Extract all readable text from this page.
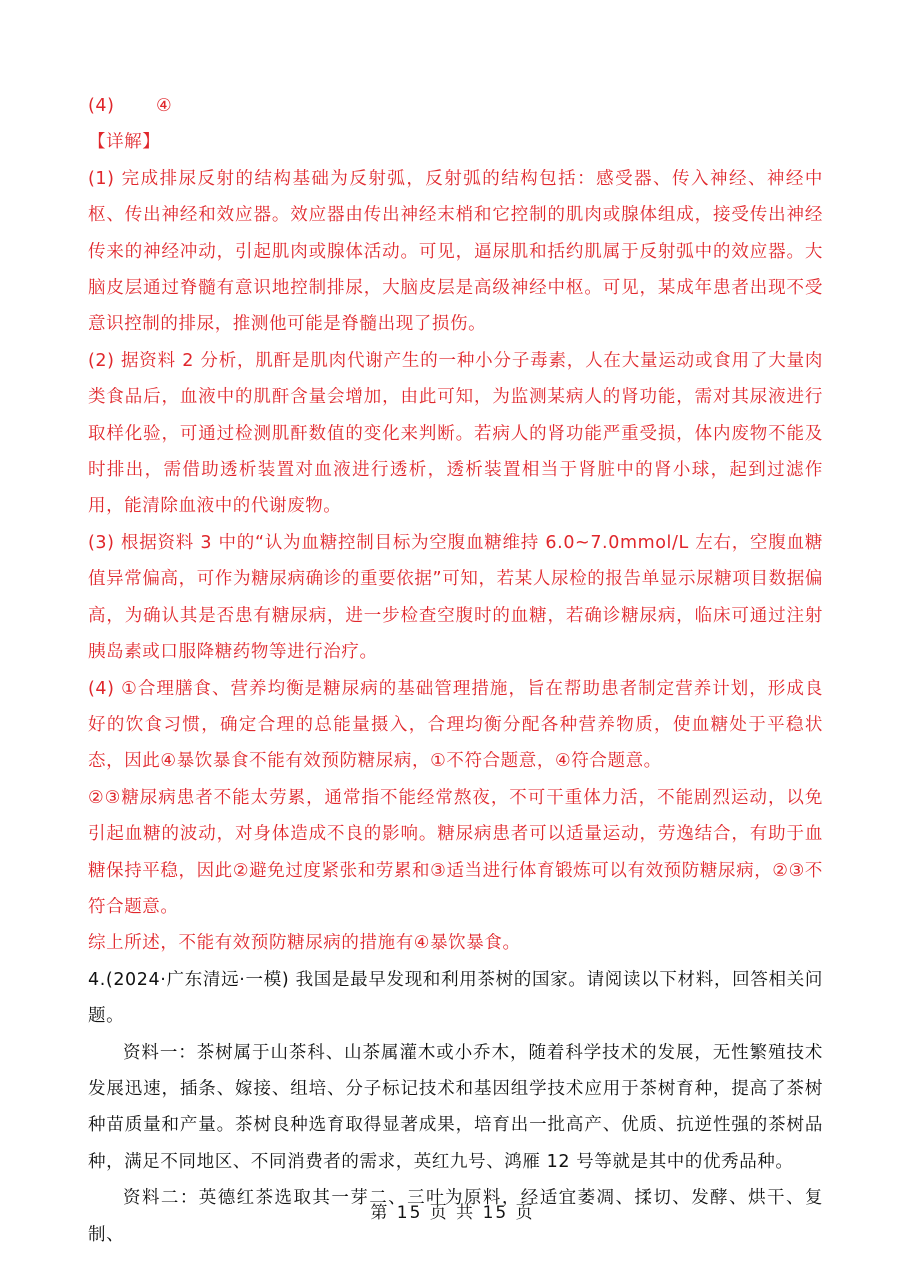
(4)	④

【详解】

(1) 完成排尿反射的结构基础为反射弧，反射弧的结构包括：感受器、传入神经、神经中枢、传出神经和效应器。效应器由传出神经末梢和它控制的肌肉或腺体组成，接受传出神经传来的神经冲动，引起肌肉或腺体活动。可见，逼尿肌和括约肌属于反射弧中的效应器。大脑皮层通过脊髓有意识地控制排尿，大脑皮层是高级神经中枢。可见，某成年患者出现不受意识控制的排尿，推测他可能是脊髓出现了损伤。

(2) 据资料 2 分析，肌酐是肌肉代谢产生的一种小分子毒素，人在大量运动或食用了大量肉类食品后，血液中的肌酐含量会增加，由此可知，为监测某病人的肾功能，需对其尿液进行取样化验，可通过检测肌酐数值的变化来判断。若病人的肾功能严重受损，体内废物不能及时排出，需借助透析装置对血液进行透析，透析装置相当于肾脏中的肾小球，起到过滤作用，能清除血液中的代谢废物。

(3) 根据资料 3 中的“认为血糖控制目标为空腹血糖维持 6.0~7.0mmol/L 左右，空腹血糖值异常偏高，可作为糖尿病确诊的重要依据”可知，若某人尿检的报告单显示尿糖项目数据偏高，为确认其是否患有糖尿病，进一步检查空腹时的血糖，若确诊糖尿病，临床可通过注射胰岛素或口服降糖药物等进行治疗。

(4) ①合理膳食、营养均衡是糖尿病的基础管理措施，旨在帮助患者制定营养计划，形成良好的饮食习惯，确定合理的总能量摄入，合理均衡分配各种营养物质，使血糖处于平稳状态，因此④暴饮暴食不能有效预防糖尿病，①不符合题意，④符合题意。

②③糖尿病患者不能太劳累，通常指不能经常熬夜，不可干重体力活，不能剧烈运动，以免引起血糖的波动，对身体造成不良的影响。糖尿病患者可以适量运动，劳逸结合，有助于血糖保持平稳，因此②避免过度紧张和劳累和③适当进行体育锻炼可以有效预防糖尿病，②③不符合题意。

综上所述，不能有效预防糖尿病的措施有④暴饮暴食。

4.(2024·广东清远·一模) 我国是最早发现和利用茶树的国家。请阅读以下材料，回答相关问题。

资料一：茶树属于山茶科、山茶属灌木或小乔木，随着科学技术的发展，无性繁殖技术发展迅速，插条、嫁接、组培、分子标记技术和基因组学技术应用于茶树育种，提高了茶树种苗质量和产量。茶树良种选育取得显著成果，培育出一批高产、优质、抗逆性强的茶树品种，满足不同地区、不同消费者的需求，英红九号、鸿雁 12 号等就是其中的优秀品种。

资料二：英德红茶选取其一芽二、三叶为原料，经适宜萎凋、揉切、发酵、烘干、复制、

第 15 页 共 15 页
